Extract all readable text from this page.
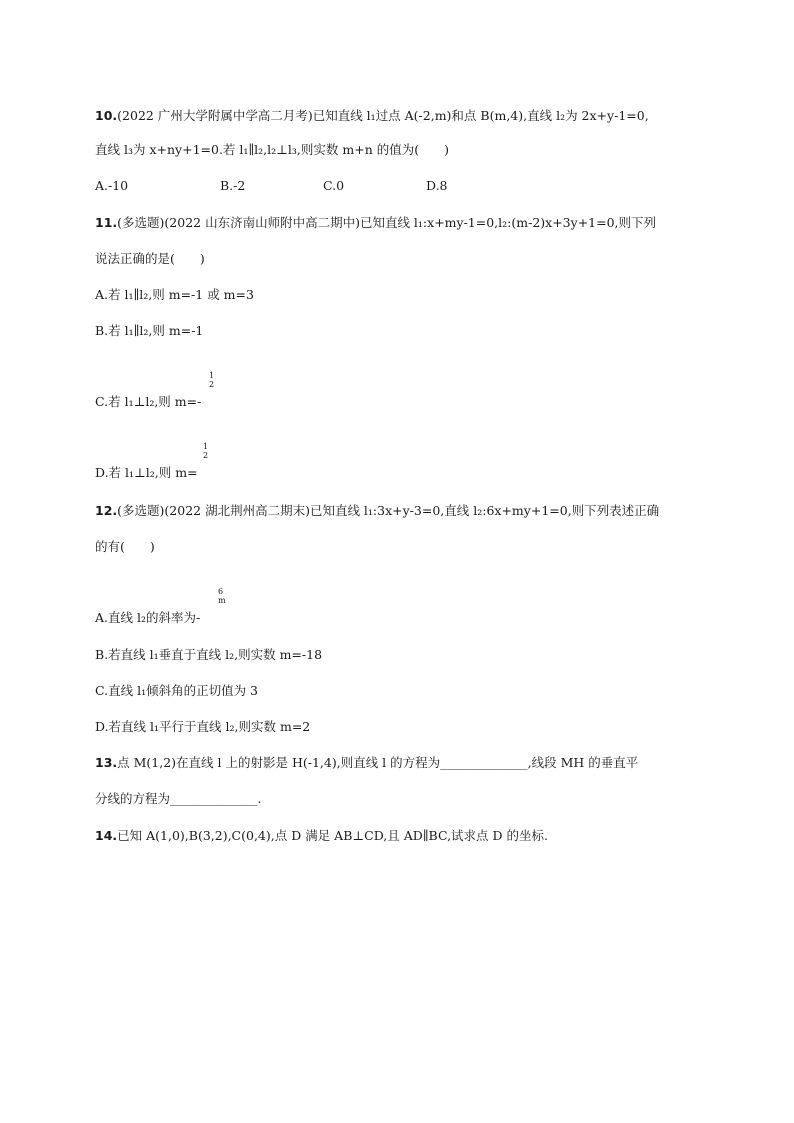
10.(2022 广州大学附属中学高二月考)已知直线 l₁过点 A(-2,m)和点 B(m,4),直线 l₂为 2x+y-1=0,
直线 l₃为 x+ny+1=0.若 l₁∥l₂,l₂⊥l₃,则实数 m+n 的值为(　　)
A.-10	B.-2	C.0	D.8
11.(多选题)(2022 山东济南山师附中高二期中)已知直线 l₁:x+my-1=0,l₂:(m-2)x+3y+1=0,则下列
说法正确的是(　　)
A.若 l₁∥l₂,则 m=-1 或 m=3
B.若 l₁∥l₂,则 m=-1
1
2
C.若 l₁⊥l₂,则 m=-
1
2
D.若 l₁⊥l₂,则 m=
12.(多选题)(2022 湖北荆州高二期末)已知直线 l₁:3x+y-3=0,直线 l₂:6x+my+1=0,则下列表述正确
的有(　　)
6
m
A.直线 l₂的斜率为-
B.若直线 l₁垂直于直线 l₂,则实数 m=-18
C.直线 l₁倾斜角的正切值为 3
D.若直线 l₁平行于直线 l₂,则实数 m=2
13.点 M(1,2)在直线 l 上的射影是 H(-1,4),则直线 l 的方程为______________,线段 MH 的垂直平
分线的方程为______________.
14.已知 A(1,0),B(3,2),C(0,4),点 D 满足 AB⊥CD,且 AD∥BC,试求点 D 的坐标.
